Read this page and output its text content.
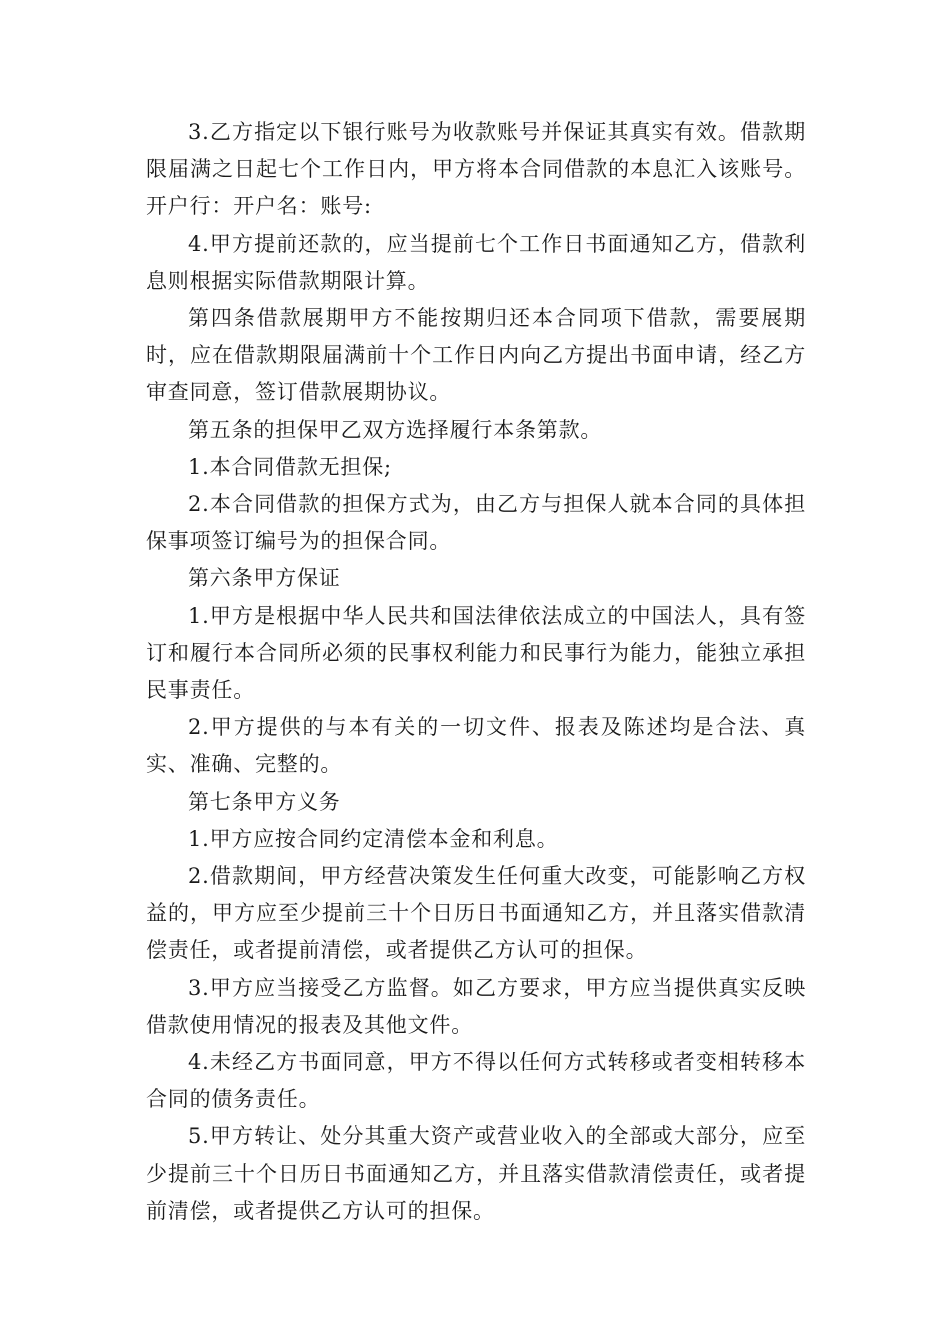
3.乙方指定以下银行账号为收款账号并保证其真实有效。借款期限届满之日起七个工作日内，甲方将本合同借款的本息汇入该账号。开户行：开户名：账号:

4.甲方提前还款的，应当提前七个工作日书面通知乙方，借款利息则根据实际借款期限计算。

第四条借款展期甲方不能按期归还本合同项下借款，需要展期时，应在借款期限届满前十个工作日内向乙方提出书面申请，经乙方审查同意，签订借款展期协议。

第五条的担保甲乙双方选择履行本条第款。

1.本合同借款无担保;

2.本合同借款的担保方式为，由乙方与担保人就本合同的具体担保事项签订编号为的担保合同。

第六条甲方保证

1.甲方是根据中华人民共和国法律依法成立的中国法人，具有签订和履行本合同所必须的民事权利能力和民事行为能力，能独立承担民事责任。

2.甲方提供的与本有关的一切文件、报表及陈述均是合法、真实、准确、完整的。

第七条甲方义务

1.甲方应按合同约定清偿本金和利息。

2.借款期间，甲方经营决策发生任何重大改变，可能影响乙方权益的，甲方应至少提前三十个日历日书面通知乙方，并且落实借款清偿责任，或者提前清偿，或者提供乙方认可的担保。

3.甲方应当接受乙方监督。如乙方要求，甲方应当提供真实反映借款使用情况的报表及其他文件。

4.未经乙方书面同意，甲方不得以任何方式转移或者变相转移本合同的债务责任。

5.甲方转让、处分其重大资产或营业收入的全部或大部分，应至少提前三十个日历日书面通知乙方，并且落实借款清偿责任，或者提前清偿，或者提供乙方认可的担保。
